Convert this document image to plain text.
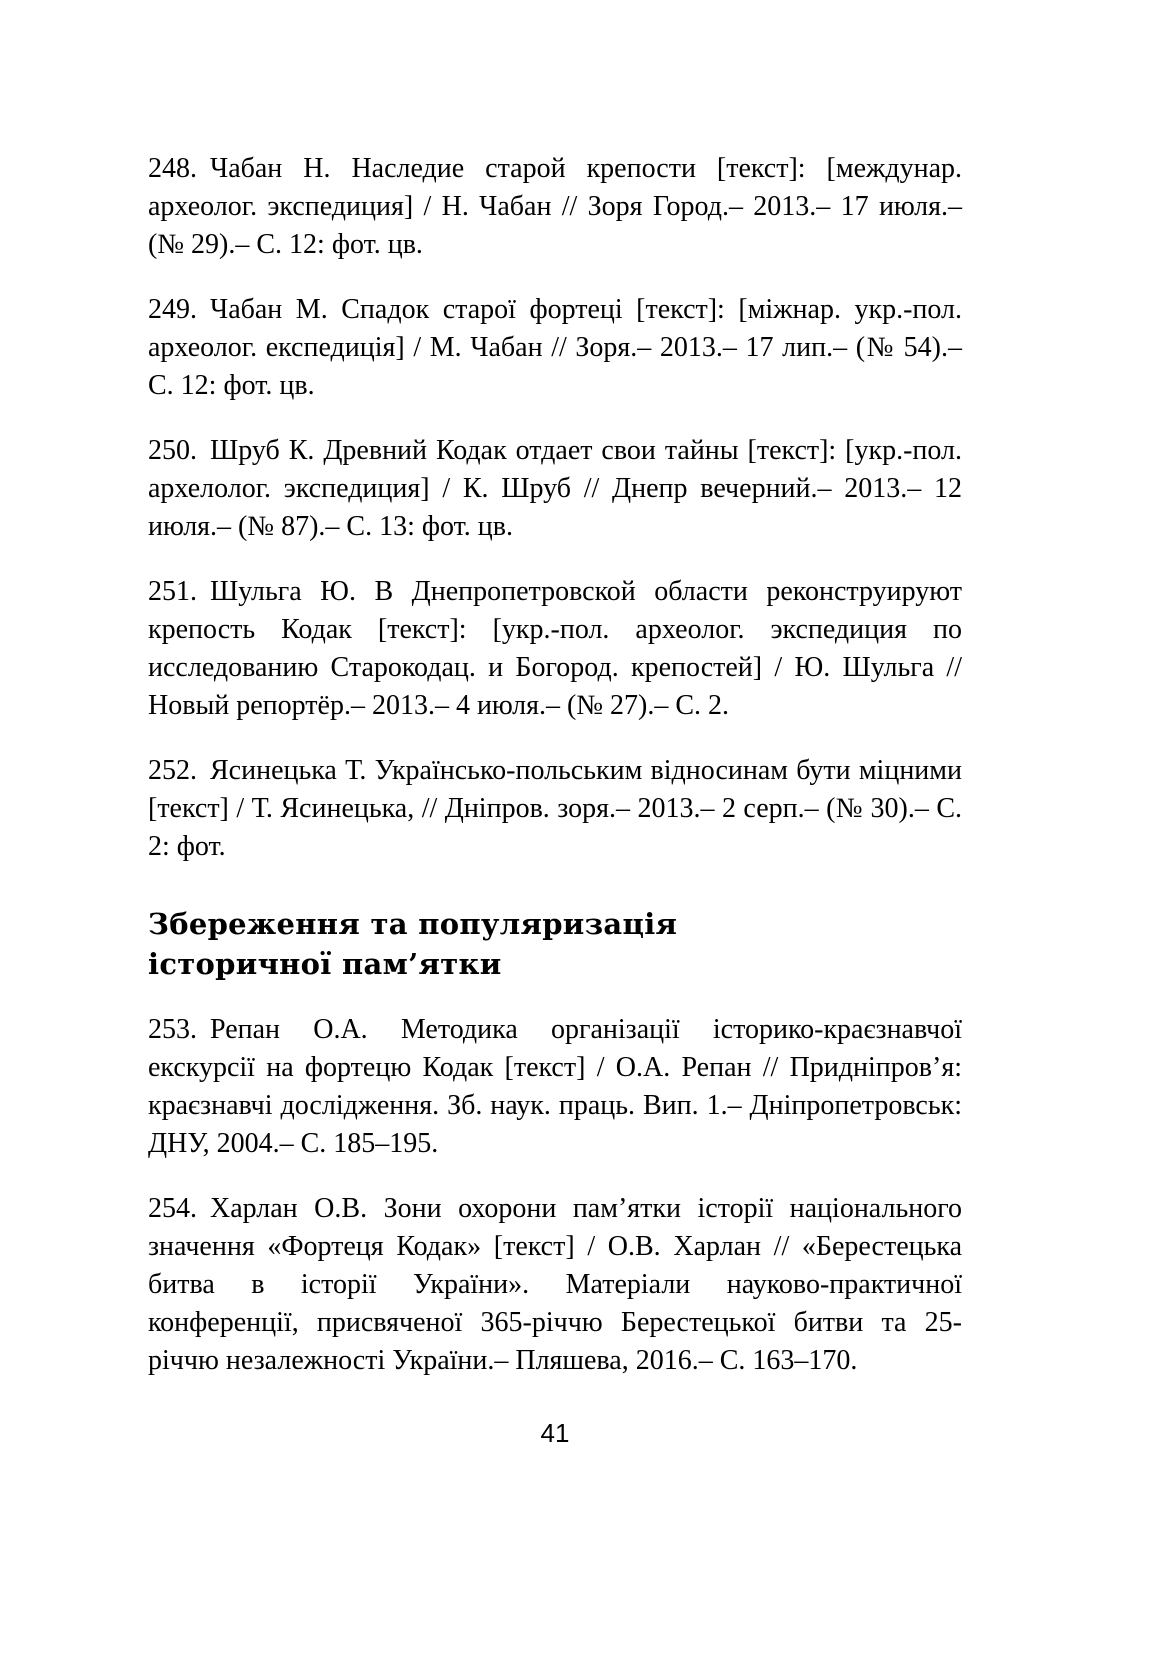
248. Чабан Н. Наследие старой крепости [текст]: [междунар. археолог. экспедиция] / Н. Чабан // Зоря Город.– 2013.– 17 июля.– (№ 29).– С. 12: фот. цв.

249. Чабан М. Спадок старої фортеці [текст]: [міжнар. укр.-пол. археолог. експедиція] / М. Чабан // Зоря.– 2013.– 17 лип.– (№ 54).– С. 12: фот. цв.

250. Шруб К. Древний Кодак отдает свои тайны [текст]: [укр.-пол. архелолог. экспедиция] / К. Шруб // Днепр вечерний.– 2013.– 12 июля.– (№ 87).– С. 13: фот. цв.

251. Шульга Ю. В Днепропетровской области реконструируют крепость Кодак [текст]: [укр.-пол. археолог. экспедиция по исследованию Старокодац. и Богород. крепостей] / Ю. Шульга // Новый репортёр.– 2013.– 4 июля.– (№ 27).– С. 2.

252. Ясинецька Т. Українсько-польським відносинам бути міцними [текст] / Т. Ясинецька, // Дніпров. зоря.– 2013.– 2 серп.– (№ 30).– С. 2: фот.

Збереження та популяризація
історичної пам’ятки

253. Репан О.А. Методика організації історико-краєзнавчої екскурсії на фортецю Кодак [текст] / О.А. Репан // Придніпров’я: краєзнавчі дослідження. Зб. наук. праць. Вип. 1.– Дніпропетровськ: ДНУ, 2004.– С. 185–195.

254. Харлан О.В. Зони охорони пам’ятки історії національного значення «Фортеця Кодак» [текст] / О.В. Харлан // «Берестецька битва в історії України». Матеріали науково-практичної конференції, присвяченої 365-річчю Берестецької битви та 25-річчю незалежності України.– Пляшева, 2016.– С. 163–170.

41
